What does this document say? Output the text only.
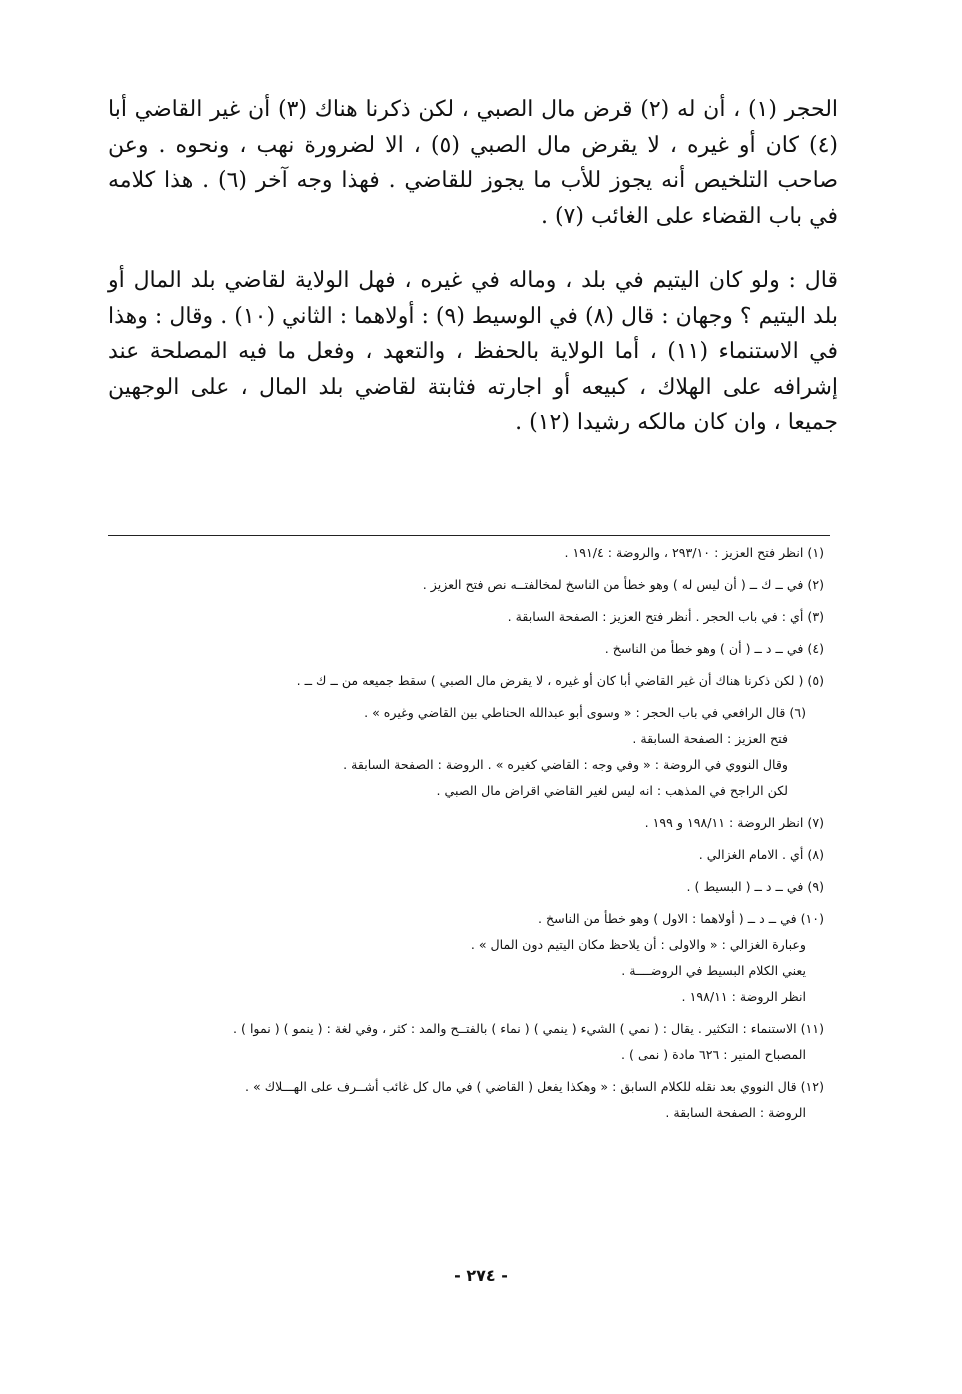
الحجر (١) ، أن له (٢) قرض مال الصبي ، لكن ذكرنا هناك (٣) أن غير القاضي أبا (٤) كان أو غيره ، لا يقرض مال الصبي (٥) ، الا لضرورة نهب ، ونحوه . وعن صاحب التلخيص أنه يجوز للأب ما يجوز للقاضي . فهذا وجه آخر (٦) . هذا كلامه في باب القضاء على الغائب (٧) .

قال : ولو كان اليتيم في بلد ، وماله في غيره ، فهل الولاية لقاضي بلد المال أو بلد اليتيم ؟ وجهان : قال (٨) في الوسيط (٩) : أولاهما : الثاني (١٠) . وقال : وهذا في الاستنماء (١١) ، أما الولاية بالحفظ ، والتعهد ، وفعل ما فيه المصلحة عند إشرافه على الهلاك ، كبيعه أو اجارته فثابتة لقاضي بلد المال ، على الوجهين جميعا ، وان كان مالكه رشيدا (١٢) .

(١) انظر فتح العزيز : ٢٩٣/١٠ ، والروضة : ١٩١/٤ .
(٢) في ــ ك ــ ( أن ليس له ) وهو خطأ من الناسخ لمخالفتــه نص فتح العزيز .
(٣) أي : في باب الحجر . أنظر فتح العزيز : الصفحة السابقة .
(٤) في ــ د ــ ( أن ) وهو خطأ من الناسخ .
(٥) ( لكن ذكرنا هناك أن غير القاضي أبا كان أو غيره ، لا يقرض مال الصبي ) سقط جميعه من ــ ك ــ .
(٦) قال الرافعي في باب الحجر : « وسوى أبو عبدالله الحناطي بين القاضي وغيره » .
فتح العزيز : الصفحة السابقة .
وقال النووي في الروضة : « وفي وجه : القاضي كغيره » . الروضة : الصفحة السابقة .
لكن الراجح في المذهب : انه ليس لغير القاضي اقراض مال الصبي .
(٧) انظر الروضة : ١٩٨/١١ و ١٩٩ .
(٨) أي . الامام الغزالي .
(٩) في ــ د ــ ( البسيط ) .
(١٠) في ــ د ــ ( أولاهما : الاول ) وهو خطأ من الناسخ .
وعبارة الغزالي : « والاولى : أن يلاحظ مكان اليتيم دون المال » .
يعني الكلام البسيط في الروضــــة .
انظر الروضة : ١٩٨/١١ .
(١١) الاستنماء : التكثير . يقال : ( نمي ) الشيء ( ينمي ) ( نماء ) بالفتــح والمد : كثر ، وفي لغة : ( ينمو ) ( نموا ) .
المصباح المنير : ٦٢٦ مادة ( نمى ) .
(١٢) قال النووي بعد نقله للكلام السابق : « وهكذا يفعل ( القاضي ) في مال كل غائب أشــرف على الهـــلاك » .
الروضة : الصفحة السابقة .
- ٢٧٤ -
